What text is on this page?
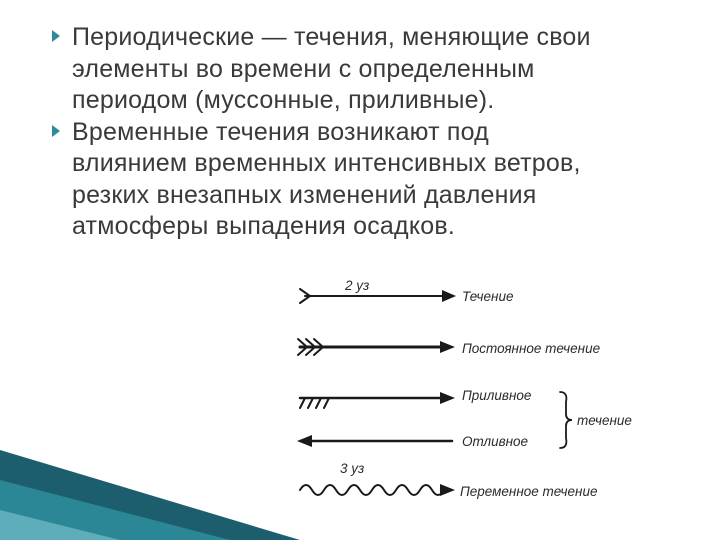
Периодические — течения, меняющие свои
элементы во времени с определенным
периодом (муссонные, приливные).
Временные течения возникают под
влиянием временных интенсивных ветров,
резких внезапных изменений давления
атмосферы выпадения осадков.
2 уз
Течение
Постоянное течение
Приливное
Отливное
течение
3 уз
Переменное течение
